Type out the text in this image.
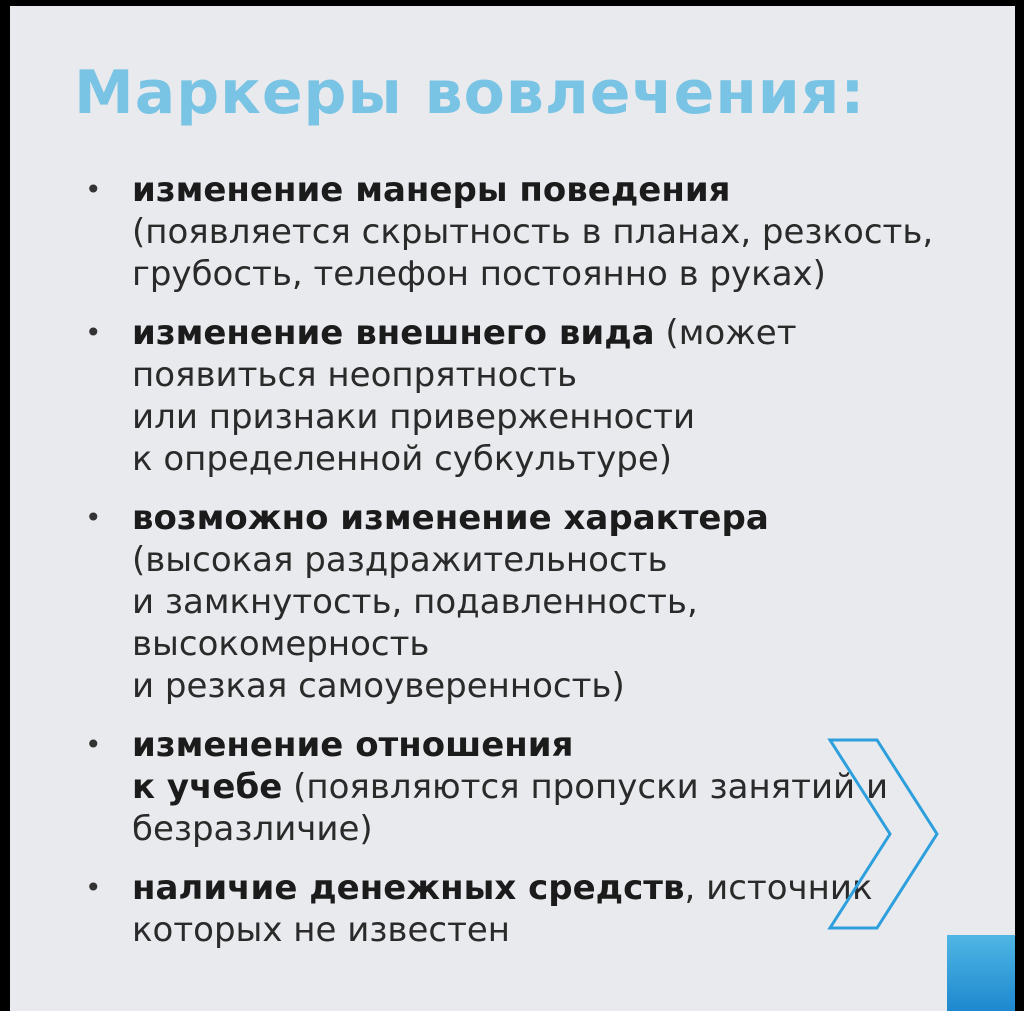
Маркеры вовлечения:
• изменение манеры поведения
(появляется скрытность в планах, резкость,
грубость, телефон постоянно в руках)
• изменение внешнего вида (может
появиться неопрятность
или признаки приверженности
к определенной субкультуре)
• возможно изменение характера
(высокая раздражительность
и замкнутость, подавленность,
высокомерность
и резкая самоуверенность)
• изменение отношения
к учебе (появляются пропуски занятий и
безразличие)
• наличие денежных средств, источник
которых не известен
